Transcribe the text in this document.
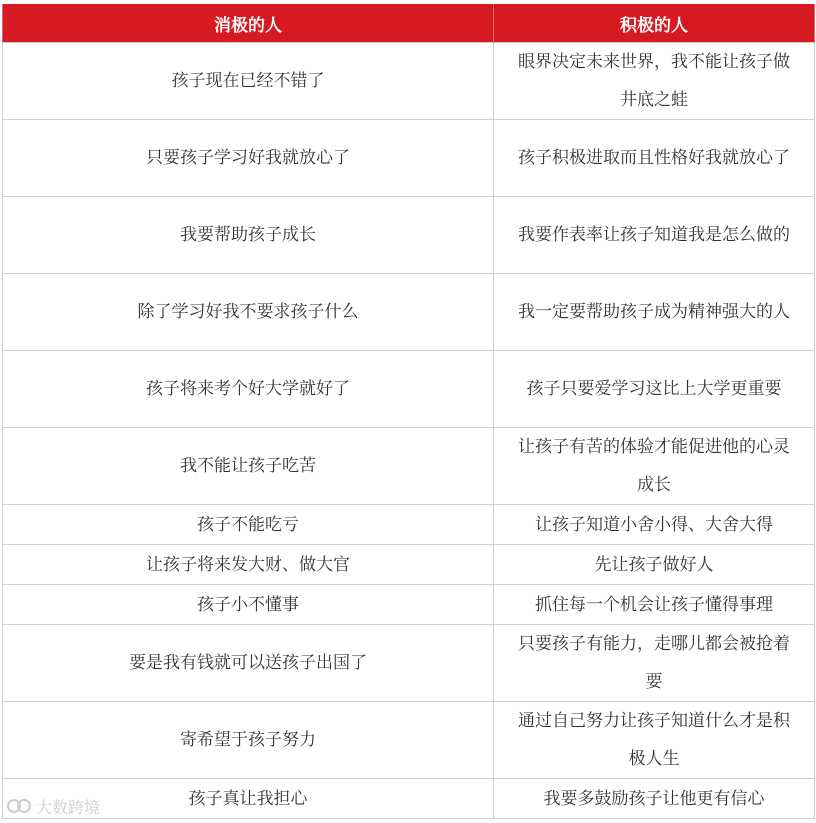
消极的人	积极的人
孩子现在已经不错了	眼界决定未来世界，我不能让孩子做井底之蛙
只要孩子学习好我就放心了	孩子积极进取而且性格好我就放心了
我要帮助孩子成长	我要作表率让孩子知道我是怎么做的
除了学习好我不要求孩子什么	我一定要帮助孩子成为精神强大的人
孩子将来考个好大学就好了	孩子只要爱学习这比上大学更重要
我不能让孩子吃苦	让孩子有苦的体验才能促进他的心灵成长
孩子不能吃亏	让孩子知道小舍小得、大舍大得
让孩子将来发大财、做大官	先让孩子做好人
孩子小不懂事	抓住每一个机会让孩子懂得事理
要是我有钱就可以送孩子出国了	只要孩子有能力，走哪儿都会被抢着要
寄希望于孩子努力	通过自己努力让孩子知道什么才是积极人生
孩子真让我担心	我要多鼓励孩子让他更有信心
大数跨境
